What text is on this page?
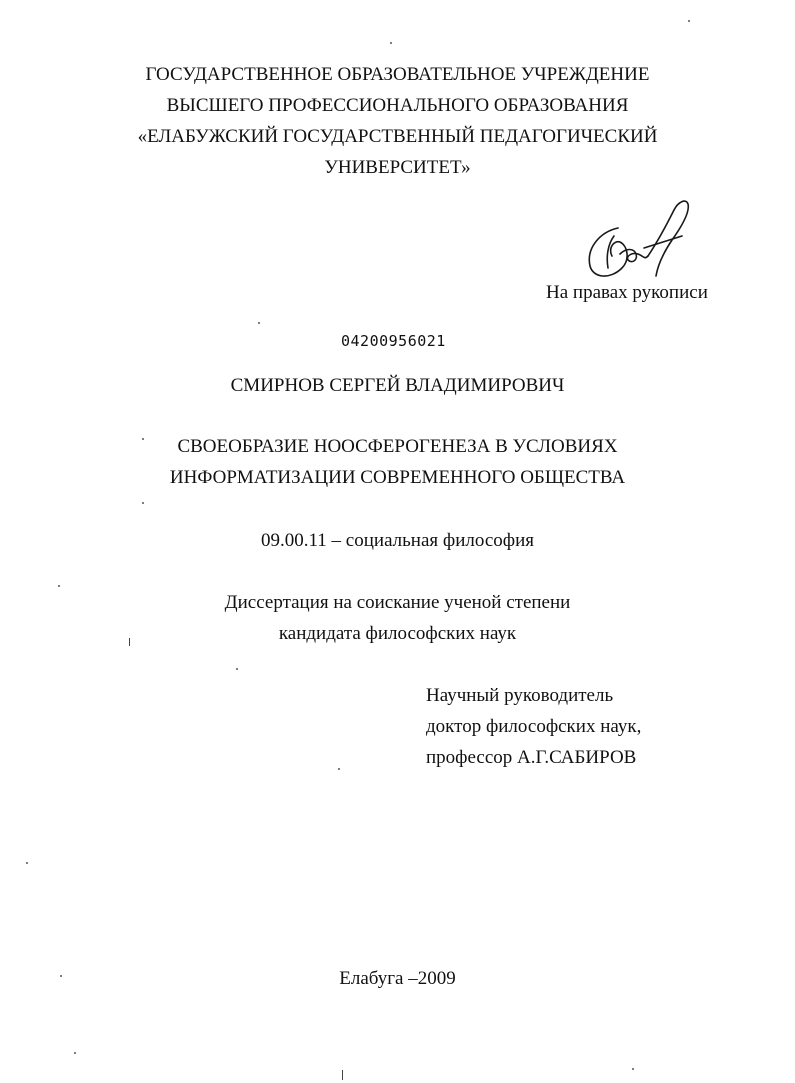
ГОСУДАРСТВЕННОЕ ОБРАЗОВАТЕЛЬНОЕ УЧРЕЖДЕНИЕ
ВЫСШЕГО ПРОФЕССИОНАЛЬНОГО ОБРАЗОВАНИЯ
«ЕЛАБУЖСКИЙ ГОСУДАРСТВЕННЫЙ ПЕДАГОГИЧЕСКИЙ
УНИВЕРСИТЕТ»
На правах рукописи
04200956021
СМИРНОВ СЕРГЕЙ ВЛАДИМИРОВИЧ
СВОЕОБРАЗИЕ НООСФЕРОГЕНЕЗА В УСЛОВИЯХ
ИНФОРМАТИЗАЦИИ СОВРЕМЕННОГО ОБЩЕСТВА
09.00.11 – социальная философия
Диссертация на соискание ученой степени
кандидата философских наук
Научный руководитель
доктор философских наук,
профессор А.Г.САБИРОВ
Елабуга –2009
